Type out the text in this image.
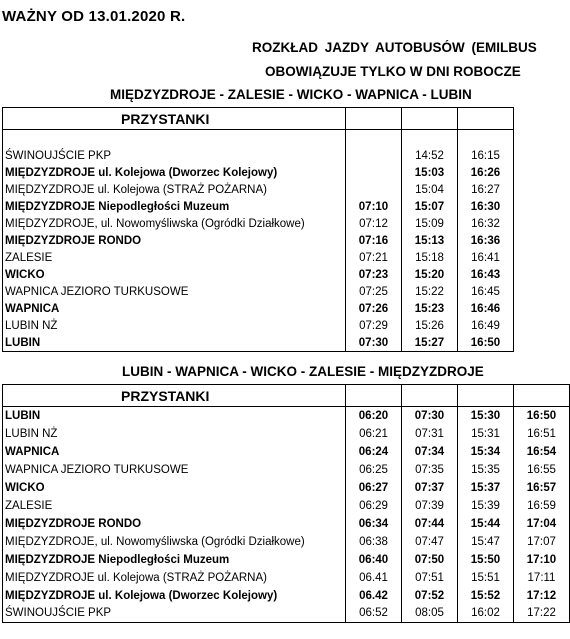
WAŻNY OD 13.01.2020 R.
ROZKŁAD JAZDY AUTOBUSÓW (EMILBUS
OBOWIĄZUJE TYLKO W DNI ROBOCZE
MIĘDZYZDROJE - ZALESIE - WICKO - WAPNICA - LUBIN
PRZYSTANKI			

ŚWINOUJŚCIE PKP		14:52	16:15
MIĘDZYZDROJE ul. Kolejowa (Dworzec Kolejowy)		15:03	16:26
MIĘDZYZDROJE ul. Kolejowa (STRAŻ POŻARNA)		15:04	16:27
MIĘDZYZDROJE Niepodległości Muzeum	07:10	15:07	16:30
MIĘDZYZDROJE, ul. Nowomyśliwska (Ogródki Działkowe)	07:12	15:09	16:32
MIĘDZYZDROJE RONDO	07:16	15:13	16:36
ZALESIE	07:21	15:18	16:41
WICKO	07:23	15:20	16:43
WAPNICA JEZIORO TURKUSOWE	07:25	15:22	16:45
WAPNICA	07:26	15:23	16:46
LUBIN NŻ	07:29	15:26	16:49
LUBIN	07:30	15:27	16:50
LUBIN - WAPNICA - WICKO - ZALESIE - MIĘDZYZDROJE
PRZYSTANKI				
LUBIN	06:20	07:30	15:30	16:50
LUBIN NŻ	06:21	07:31	15:31	16:51
WAPNICA	06:24	07:34	15:34	16:54
WAPNICA JEZIORO TURKUSOWE	06:25	07:35	15:35	16:55
WICKO	06:27	07:37	15:37	16:57
ZALESIE	06:29	07:39	15:39	16:59
MIĘDZYZDROJE RONDO	06:34	07:44	15:44	17:04
MIĘDZYZDROJE, ul. Nowomyśliwska (Ogródki Działkowe)	06:38	07:47	15:47	17:07
MIĘDZYZDROJE Niepodległości Muzeum	06:40	07:50	15:50	17:10
MIĘDZYZDROJE ul. Kolejowa (STRAŻ POŻARNA)	06.41	07:51	15:51	17:11
MIĘDZYZDROJE ul. Kolejowa (Dworzec Kolejowy)	06.42	07:52	15:52	17:12
ŚWINOUJŚCIE PKP	06:52	08:05	16:02	17:22
